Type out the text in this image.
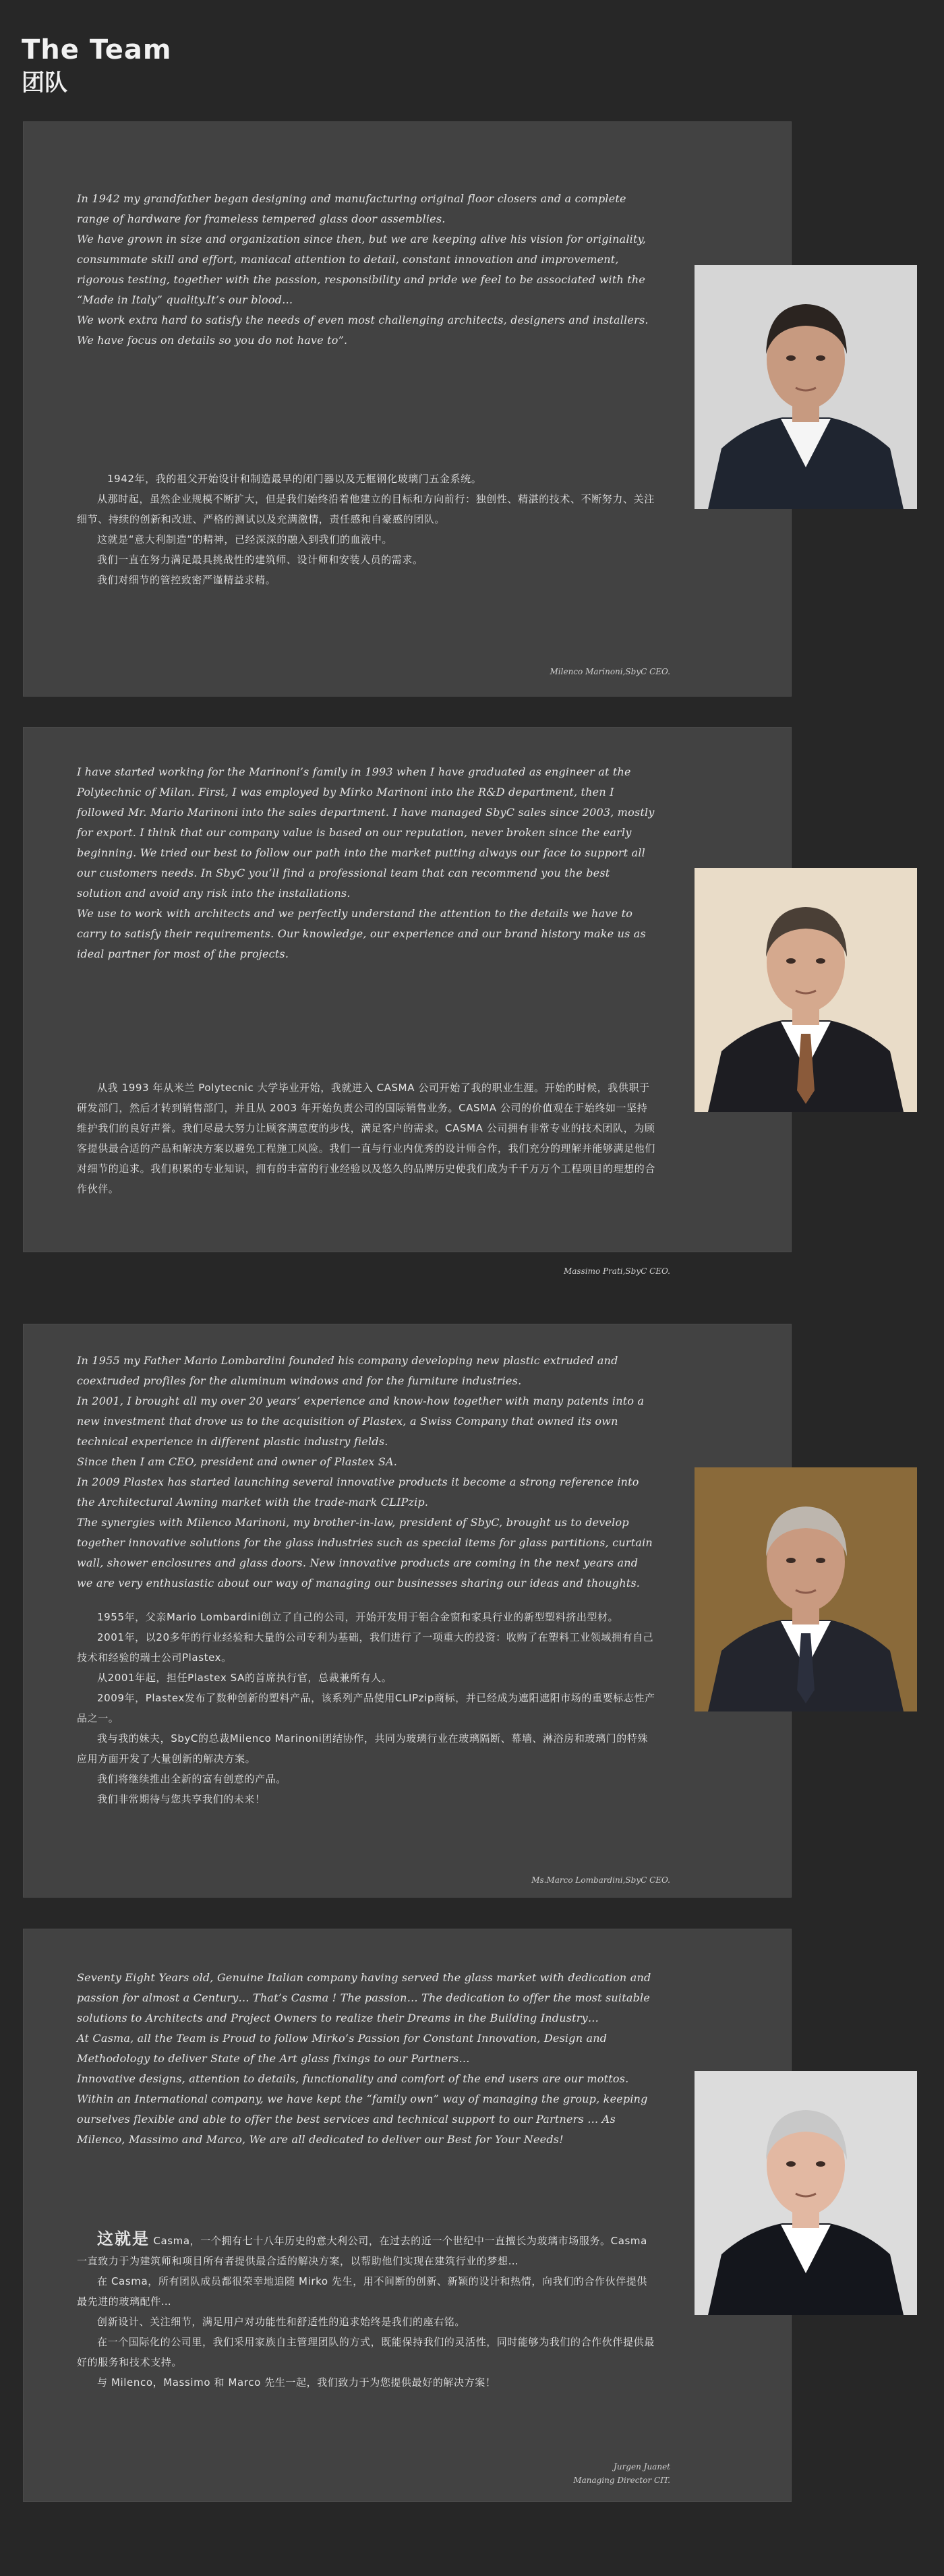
The Team
团队

In 1942 my grandfather began designing and manufacturing original floor closers and a complete range of hardware for frameless tempered glass door assemblies.

We have grown in size and organization since then, but we are keeping alive his vision for originality, consummate skill and effort, maniacal attention to detail, constant innovation and improvement, rigorous testing, together with the passion, responsibility and pride we feel to be associated with the “Made in Italy” quality.It’s our blood…

We work extra hard to satisfy the needs of even most challenging architects, designers and installers. We have focus on details so you do not have to”.

1942年，我的祖父开始设计和制造最早的闭门器以及无框钢化玻璃门五金系统。

从那时起，虽然企业规模不断扩大，但是我们始终沿着他建立的目标和方向前行：独创性、精湛的技术、不断努力、关注细节、持续的创新和改进、严格的测试以及充满激情，责任感和自豪感的团队。

这就是“意大利制造”的精神，已经深深的融入到我们的血液中。

我们一直在努力满足最具挑战性的建筑师、设计师和安装人员的需求。

我们对细节的管控致密严谨精益求精。

Milenco Marinoni,SbyC CEO.

I have started working for the Marinoni’s family in 1993 when I have graduated as engineer at the Polytechnic of Milan. First, I was employed by Mirko Marinoni into the R&D department, then I followed Mr. Mario Marinoni into the sales department. I have managed SbyC sales since 2003, mostly for export. I think that our company value is based on our reputation, never broken since the early beginning. We tried our best to follow our path into the market putting always our face to support all our customers needs. In SbyC you’ll find a professional team that can recommend you the best solution and avoid any risk into the installations.

We use to work with architects and we perfectly understand the attention to the details we have to carry to satisfy their requirements. Our knowledge, our experience and our brand history make us as ideal partner for most of the projects.

从我 1993 年从米兰 Polytecnic 大学毕业开始，我就进入 CASMA 公司开始了我的职业生涯。开始的时候，我供职于研发部门，然后才转到销售部门，并且从 2003 年开始负责公司的国际销售业务。CASMA 公司的价值观在于始终如一坚持维护我们的良好声誉。我们尽最大努力让顾客满意度的步伐，满足客户的需求。CASMA 公司拥有非常专业的技术团队，为顾客提供最合适的产品和解决方案以避免工程施工风险。我们一直与行业内优秀的设计师合作，我们充分的理解并能够满足他们对细节的追求。我们积累的专业知识，拥有的丰富的行业经验以及悠久的品牌历史使我们成为千千万万个工程项目的理想的合作伙伴。

Massimo Prati,SbyC CEO.

In 1955 my Father Mario Lombardini founded his company developing new plastic extruded and coextruded profiles for the aluminum windows and for the furniture industries.

In 2001, I brought all my over 20 years’ experience and know-how together with many patents into a new investment that drove us to the acquisition of Plastex, a Swiss Company that owned its own technical experience in different plastic industry fields.

Since then I am CEO, president and owner of Plastex SA.

In 2009 Plastex has started launching several innovative products it become a strong reference into the Architectural Awning market with the trade-mark CLIPzip.

The synergies with Milenco Marinoni, my brother-in-law, president of SbyC, brought us to develop together innovative solutions for the glass industries such as special items for glass partitions, curtain wall, shower enclosures and glass doors. New innovative products are coming in the next years and we are very enthusiastic about our way of managing our businesses sharing our ideas and thoughts.

1955年，父亲Mario Lombardini创立了自己的公司，开始开发用于铝合金窗和家具行业的新型塑料挤出型材。

2001年，以20多年的行业经验和大量的公司专利为基础，我们进行了一项重大的投资：收购了在塑料工业领域拥有自己技术和经验的瑞士公司Plastex。

从2001年起，担任Plastex SA的首席执行官，总裁兼所有人。

2009年，Plastex发布了数种创新的塑料产品，该系列产品使用CLIPzip商标，并已经成为遮阳遮阳市场的重要标志性产品之一。

我与我的妹夫，SbyC的总裁Milenco Marinoni团结协作，共同为玻璃行业在玻璃隔断、幕墙、淋浴房和玻璃门的特殊应用方面开发了大量创新的解决方案。

我们将继续推出全新的富有创意的产品。

我们非常期待与您共享我们的未来！

Ms.Marco Lombardini,SbyC CEO.

Seventy Eight Years old, Genuine Italian company having served the glass market with dedication and passion for almost a Century… That’s Casma ! The passion… The dedication to offer the most suitable solutions to Architects and Project Owners to realize their Dreams in the Building Industry…

At Casma, all the Team is Proud to follow Mirko’s Passion for Constant Innovation, Design and Methodology to deliver State of the Art glass fixings to our Partners…

Innovative designs, attention to details, functionality and comfort of the end users are our mottos. Within an International company, we have kept the “family own” way of managing the group, keeping ourselves flexible and able to offer the best services and technical support to our Partners … As Milenco, Massimo and Marco, We are all dedicated to deliver our Best for Your Needs!

这就是 Casma，一个拥有七十八年历史的意大利公司，在过去的近一个世纪中一直擅长为玻璃市场服务。Casma 一直致力于为建筑师和项目所有者提供最合适的解决方案，以帮助他们实现在建筑行业的梦想…

在 Casma，所有团队成员都很荣幸地追随 Mirko 先生，用不间断的创新、新颖的设计和热情，向我们的合作伙伴提供最先进的玻璃配件…

创新设计、关注细节，满足用户对功能性和舒适性的追求始终是我们的座右铭。

在一个国际化的公司里，我们采用家族自主管理团队的方式，既能保持我们的灵活性，同时能够为我们的合作伙伴提供最好的服务和技术支持。

与 Milenco，Massimo 和 Marco 先生一起，我们致力于为您提供最好的解决方案！

Jurgen Juanet
Managing Director CIT.
